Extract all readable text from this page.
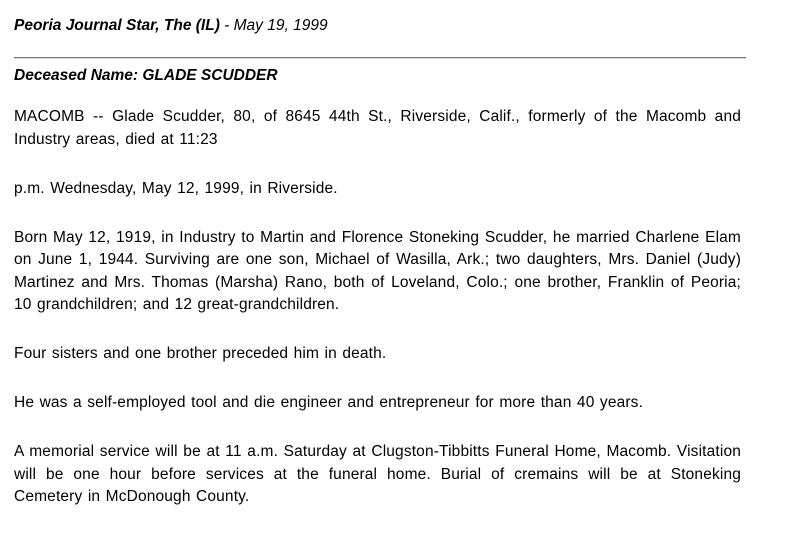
Peoria Journal Star, The (IL) - May 19, 1999
Deceased Name: GLADE SCUDDER

MACOMB -- Glade Scudder, 80, of 8645 44th St., Riverside, Calif., formerly of the Macomb and Industry areas, died at 11:23

p.m. Wednesday, May 12, 1999, in Riverside.

Born May 12, 1919, in Industry to Martin and Florence Stoneking Scudder, he married Charlene Elam on June 1, 1944. Surviving are one son, Michael of Wasilla, Ark.; two daughters, Mrs. Daniel (Judy) Martinez and Mrs. Thomas (Marsha) Rano, both of Loveland, Colo.; one brother, Franklin of Peoria; 10 grandchildren; and 12 great-grandchildren.

Four sisters and one brother preceded him in death.

He was a self-employed tool and die engineer and entrepreneur for more than 40 years.

A memorial service will be at 11 a.m. Saturday at Clugston-Tibbitts Funeral Home, Macomb. Visitation will be one hour before services at the funeral home. Burial of cremains will be at Stoneking Cemetery in McDonough County.
